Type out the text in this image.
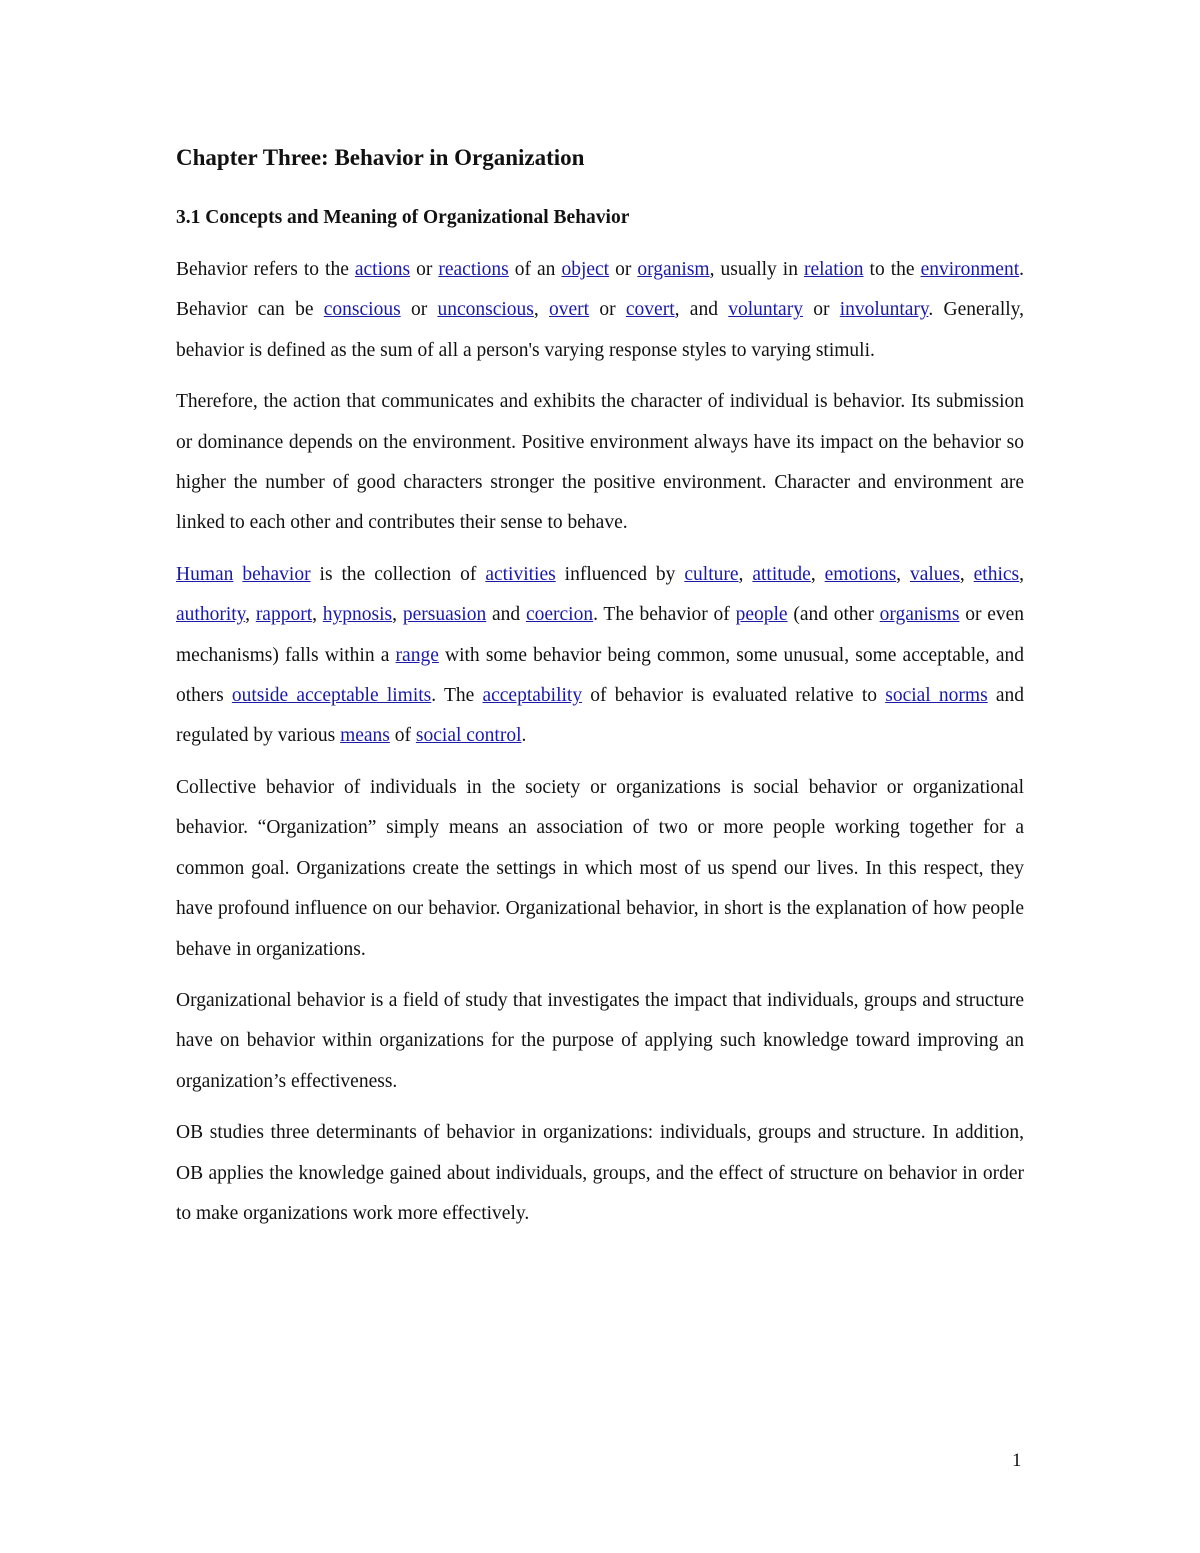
Chapter Three: Behavior in Organization
3.1 Concepts and Meaning of Organizational Behavior

Behavior refers to the actions or reactions of an object or organism, usually in relation to the environment. Behavior can be conscious or unconscious, overt or covert, and voluntary or involuntary. Generally, behavior is defined as the sum of all a person's varying response styles to varying stimuli.

Therefore, the action that communicates and exhibits the character of individual is behavior. Its submission or dominance depends on the environment. Positive environment always have its impact on the behavior so higher the number of good characters stronger the positive environment. Character and environment are linked to each other and contributes their sense to behave.

Human behavior is the collection of activities influenced by culture, attitude, emotions, values, ethics, authority, rapport, hypnosis, persuasion and coercion. The behavior of people (and other organisms or even mechanisms) falls within a range with some behavior being common, some unusual, some acceptable, and others outside acceptable limits. The acceptability of behavior is evaluated relative to social norms and regulated by various means of social control.

Collective behavior of individuals in the society or organizations is social behavior or organizational behavior. “Organization” simply means an association of two or more people working together for a common goal. Organizations create the settings in which most of us spend our lives. In this respect, they have profound influence on our behavior. Organizational behavior, in short is the explanation of how people behave in organizations.

Organizational behavior is a field of study that investigates the impact that individuals, groups and structure have on behavior within organizations for the purpose of applying such knowledge toward improving an organization’s effectiveness.

OB studies three determinants of behavior in organizations: individuals, groups and structure. In addition, OB applies the knowledge gained about individuals, groups, and the effect of structure on behavior in order to make organizations work more effectively.

1
